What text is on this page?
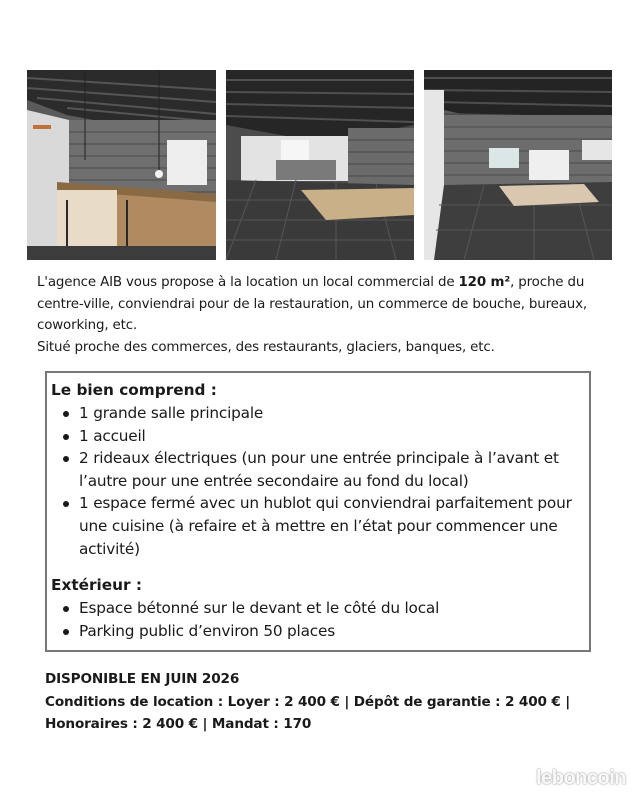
L'agence AIB vous propose à la location un local commercial de 120 m², proche du centre-ville, conviendrai pour de la restauration, un commerce de bouche, bureaux, coworking, etc.

Situé proche des commerces, des restaurants, glaciers, banques, etc.

Le bien comprend :
1 grande salle principale
1 accueil
2 rideaux électriques (un pour une entrée principale à l’avant et l’autre pour une entrée secondaire au fond du local)
1 espace fermé avec un hublot qui conviendrai parfaitement pour une cuisine (à refaire et à mettre en l’état pour commencer une activité)
Extérieur :
Espace bétonné sur le devant et le côté du local
Parking public d’environ 50 places

DISPONIBLE EN JUIN 2026

Conditions de location : Loyer : 2 400 € | Dépôt de garantie : 2 400 € |

Honoraires : 2 400 € | Mandat : 170

leboncoin
